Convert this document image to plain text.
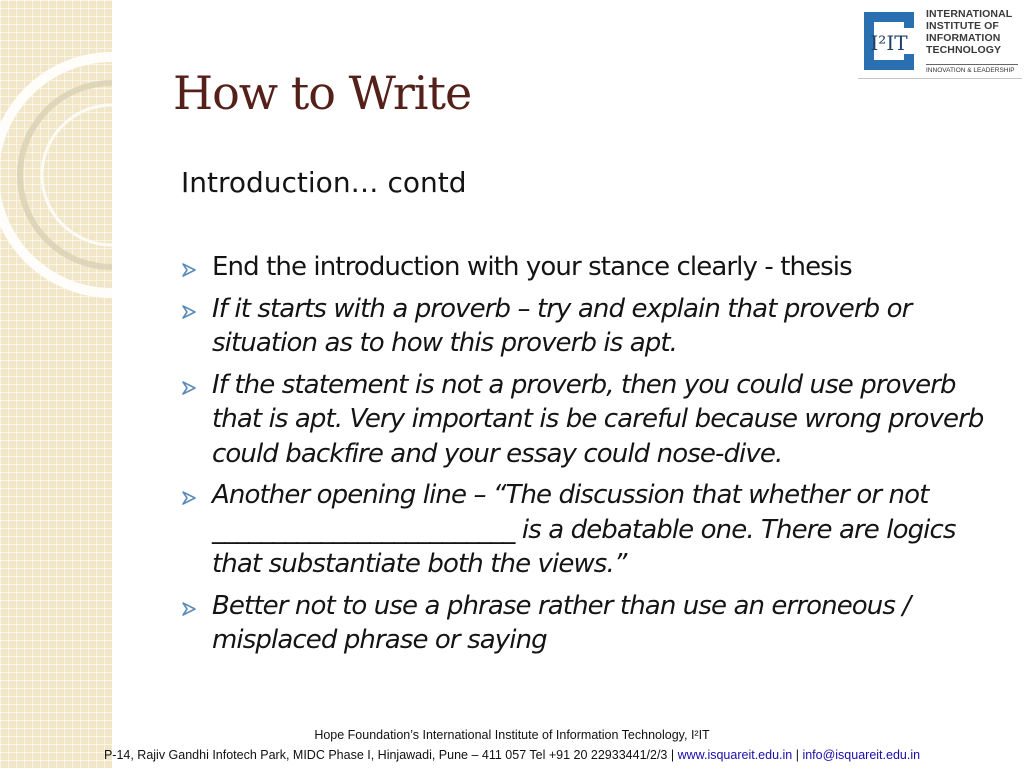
I²IT
INTERNATIONAL
INSTITUTE OF
INFORMATION
TECHNOLOGY
INNOVATION & LEADERSHIP
How to Write
Introduction… contd
End the introduction with your stance clearly - thesis
If it starts with a proverb – try and explain that proverb or situation as to how this proverb is apt.
If the statement is not a proverb, then you could use proverb that is apt. Very important is be careful because wrong proverb could backfire and your essay could nose-dive.
Another opening line – “The discussion that whether or not _________________________ is a debatable one. There are logics that substantiate both the views.”
Better not to use a phrase rather than use an erroneous / misplaced phrase or saying
Hope Foundation’s International Institute of Information Technology, I²IT
P-14, Rajiv Gandhi Infotech Park, MIDC Phase I, Hinjawadi, Pune – 411 057 Tel +91 20 22933441/2/3 | www.isquareit.edu.in | info@isquareit.edu.in
